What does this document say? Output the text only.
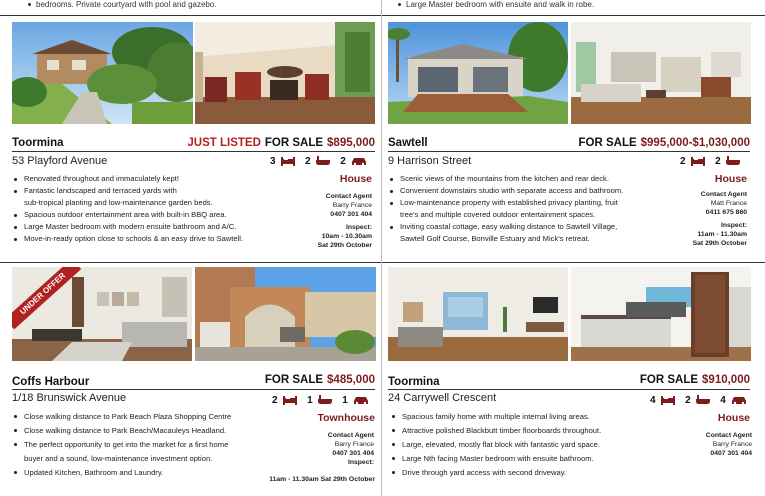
bedrooms. Private courtyard with pool and gazebo.	Large Master bedroom with ensuite and walk in robe.
Toormina	JUST LISTED FOR SALE $895,000
53 Playford Avenue	3	2	2
House
Renovated throughout and immaculately kept!
Fantastic landscaped and terraced yards with
sub-tropical planting and low-maintenance garden beds.
Spacious outdoor entertainment area with built-in BBQ area.
Large Master bedroom with modern ensuite bathroom and A/C.
Move-in-ready option close to schools & an easy drive to Sawtell.
Contact Agent
Barry France
0407 301 404
Inspect:
10am - 10.30am
Sat 29th October
Sawtell	FOR SALE $995,000-$1,030,000
9 Harrison Street	2	2
House
Scenic views of the mountains from the kitchen and rear deck.
Convenient downstairs studio with separate access and bathroom.
Low-maintenance property with established privacy planting, fruit
tree's and multiple covered outdoor entertainment spaces.
Inviting coastal cottage, easy walking distance to Sawtell Village,
Sawtell Golf Course, Bonville Estuary and Mick's retreat.
Contact Agent
Matt France
0411 675 860
Inspect:
11am - 11.30am
Sat 29th October
UNDER OFFER
Coffs Harbour	FOR SALE $485,000
1/18 Brunswick Avenue	2	1	1
Townhouse
Close walking distance to Park Beach Plaza Shopping Centre
Close walking distance to Park Beach/Macauleys Headland.
The perfect opportunity to get into the market for a first home
buyer and a sound, low-maintenance investment option.
Updated Kitchen, Bathroom and Laundry.
Contact Agent
Barry France
0407 301 404
Inspect:
11am - 11.30am Sat 29th October
Toormina	FOR SALE $910,000
24 Carrywell Crescent	4	2	4
House
Spacious family home with multiple internal living areas.
Attractive polished Blackbutt timber floorboards throughout.
Large, elevated, mostly flat block with fantastic yard space.
Large Nth facing Master bedroom with ensuite bathroom.
Drive through yard access with second driveway.
Contact Agent
Barry France
0407 301 404
